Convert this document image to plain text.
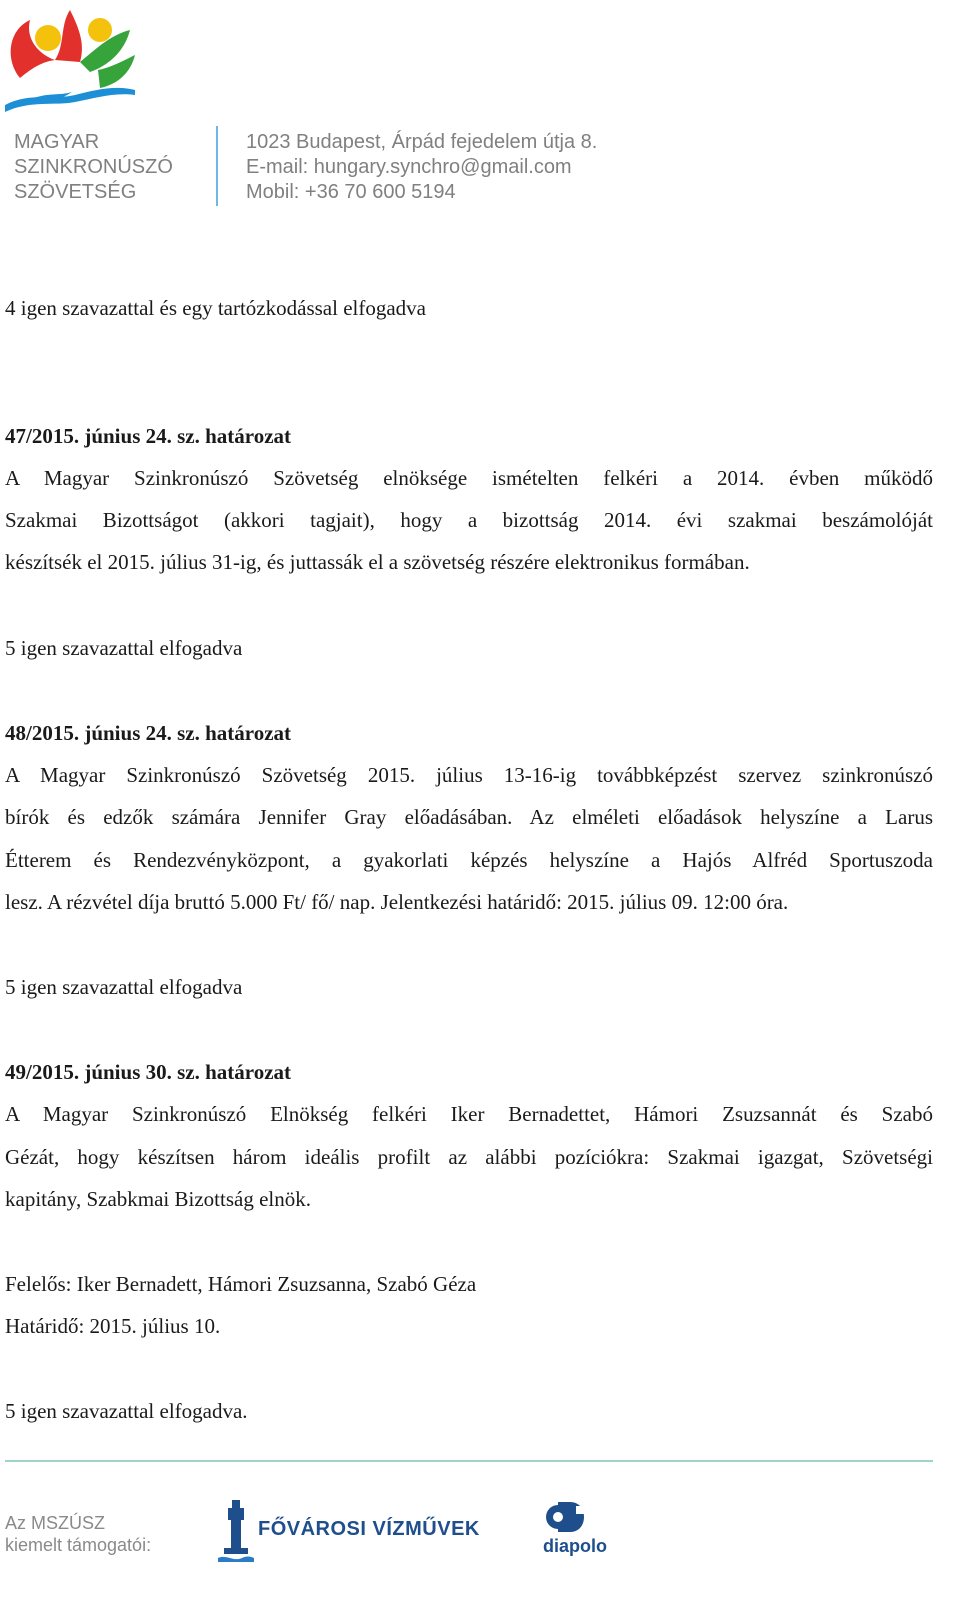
MAGYAR
SZINKRONÚSZÓ
SZÖVETSÉG
1023 Budapest, Árpád fejedelem útja 8.
E-mail: hungary.synchro@gmail.com
Mobil: +36 70 600 5194
4 igen szavazattal és egy tartózkodással elfogadva
47/2015. június 24. sz. határozat
A Magyar Szinkronúszó Szövetség elnöksége ismételten felkéri a 2014. évben működő
Szakmai Bizottságot (akkori tagjait), hogy a bizottság 2014. évi szakmai beszámolóját
készítsék el 2015. július 31-ig, és juttassák el a szövetség részére elektronikus formában.
5 igen szavazattal elfogadva
48/2015. június 24. sz. határozat
A Magyar Szinkronúszó Szövetség 2015. július 13-16-ig továbbképzést szervez szinkronúszó
bírók és edzők számára Jennifer Gray előadásában. Az elméleti előadások helyszíne a Larus
Étterem és Rendezvényközpont, a gyakorlati képzés helyszíne a Hajós Alfréd Sportuszoda
lesz. A rézvétel díja bruttó 5.000 Ft/ fő/ nap. Jelentkezési határidő: 2015. július 09. 12:00 óra.
5 igen szavazattal elfogadva
49/2015. június 30. sz. határozat
A Magyar Szinkronúszó Elnökség felkéri Iker Bernadettet, Hámori Zsuzsannát és Szabó
Gézát, hogy készítsen három ideális profilt az alábbi pozíciókra: Szakmai igazgat, Szövetségi
kapitány, Szabkmai Bizottság elnök.
Felelős: Iker Bernadett, Hámori Zsuzsanna, Szabó Géza
Határidő: 2015. július 10.
5 igen szavazattal elfogadva.
Az MSZÚSZ
kiemelt támogatói:
FŐVÁROSI VÍZMŰVEK
diapolo
